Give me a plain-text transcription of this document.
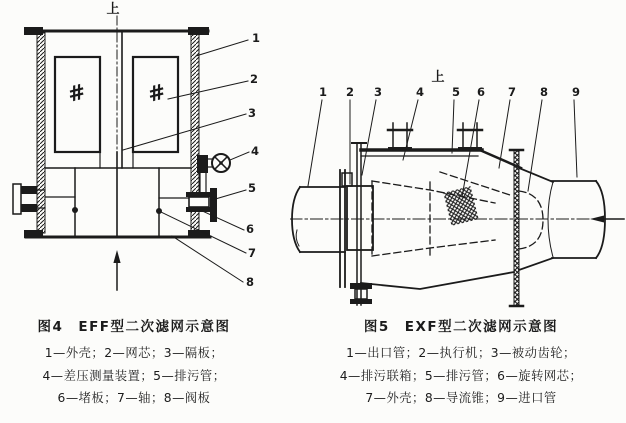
上
#	#
1
2
3
4
5
6
7
8
上
1 2 3	4 5 6 7 8 9
图4　EFF型二次滤网示意图
1—外壳；2—网芯；3—隔板；
4—差压测量装置；5—排污管；
6—堵板；7—轴；8—阀板
图5　EXF型二次滤网示意图
1—出口管；2—执行机；3—被动齿轮；
4—排污联箱；5—排污管；6—旋转网芯；
7—外壳；8—导流锥；9—进口管
